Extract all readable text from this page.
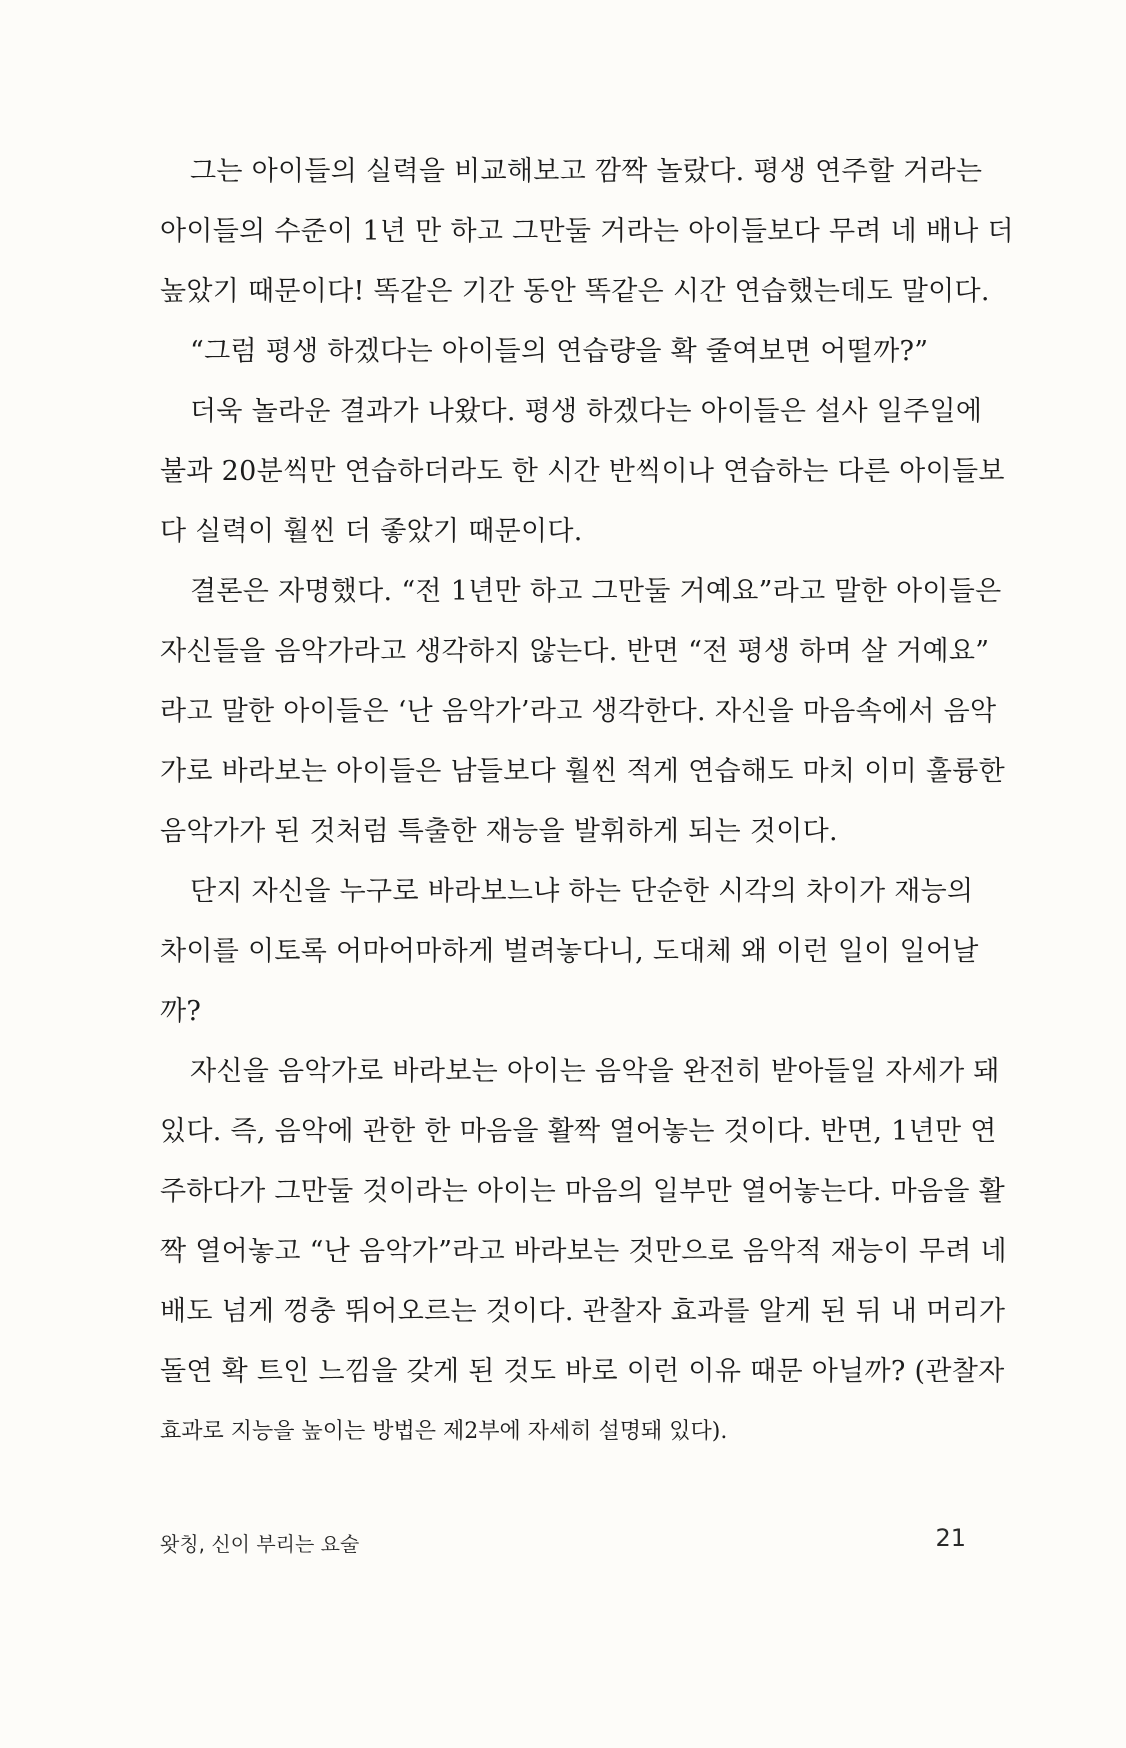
그는 아이들의 실력을 비교해보고 깜짝 놀랐다. 평생 연주할 거라는
아이들의 수준이 1년 만 하고 그만둘 거라는 아이들보다 무려 네 배나 더
높았기 때문이다! 똑같은 기간 동안 똑같은 시간 연습했는데도 말이다.
“그럼 평생 하겠다는 아이들의 연습량을 확 줄여보면 어떨까?”
더욱 놀라운 결과가 나왔다. 평생 하겠다는 아이들은 설사 일주일에
불과 20분씩만 연습하더라도 한 시간 반씩이나 연습하는 다른 아이들보
다 실력이 훨씬 더 좋았기 때문이다.
결론은 자명했다. “전 1년만 하고 그만둘 거예요”라고 말한 아이들은
자신들을 음악가라고 생각하지 않는다. 반면 “전 평생 하며 살 거예요”
라고 말한 아이들은 ‘난 음악가’라고 생각한다. 자신을 마음속에서 음악
가로 바라보는 아이들은 남들보다 훨씬 적게 연습해도 마치 이미 훌륭한
음악가가 된 것처럼 특출한 재능을 발휘하게 되는 것이다.
단지 자신을 누구로 바라보느냐 하는 단순한 시각의 차이가 재능의
차이를 이토록 어마어마하게 벌려놓다니, 도대체 왜 이런 일이 일어날
까?
자신을 음악가로 바라보는 아이는 음악을 완전히 받아들일 자세가 돼
있다. 즉, 음악에 관한 한 마음을 활짝 열어놓는 것이다. 반면, 1년만 연
주하다가 그만둘 것이라는 아이는 마음의 일부만 열어놓는다. 마음을 활
짝 열어놓고 “난 음악가”라고 바라보는 것만으로 음악적 재능이 무려 네
배도 넘게 껑충 뛰어오르는 것이다. 관찰자 효과를 알게 된 뒤 내 머리가
돌연 확 트인 느낌을 갖게 된 것도 바로 이런 이유 때문 아닐까? (관찰자
효과로 지능을 높이는 방법은 제2부에 자세히 설명돼 있다).
왓칭, 신이 부리는 요술	21
